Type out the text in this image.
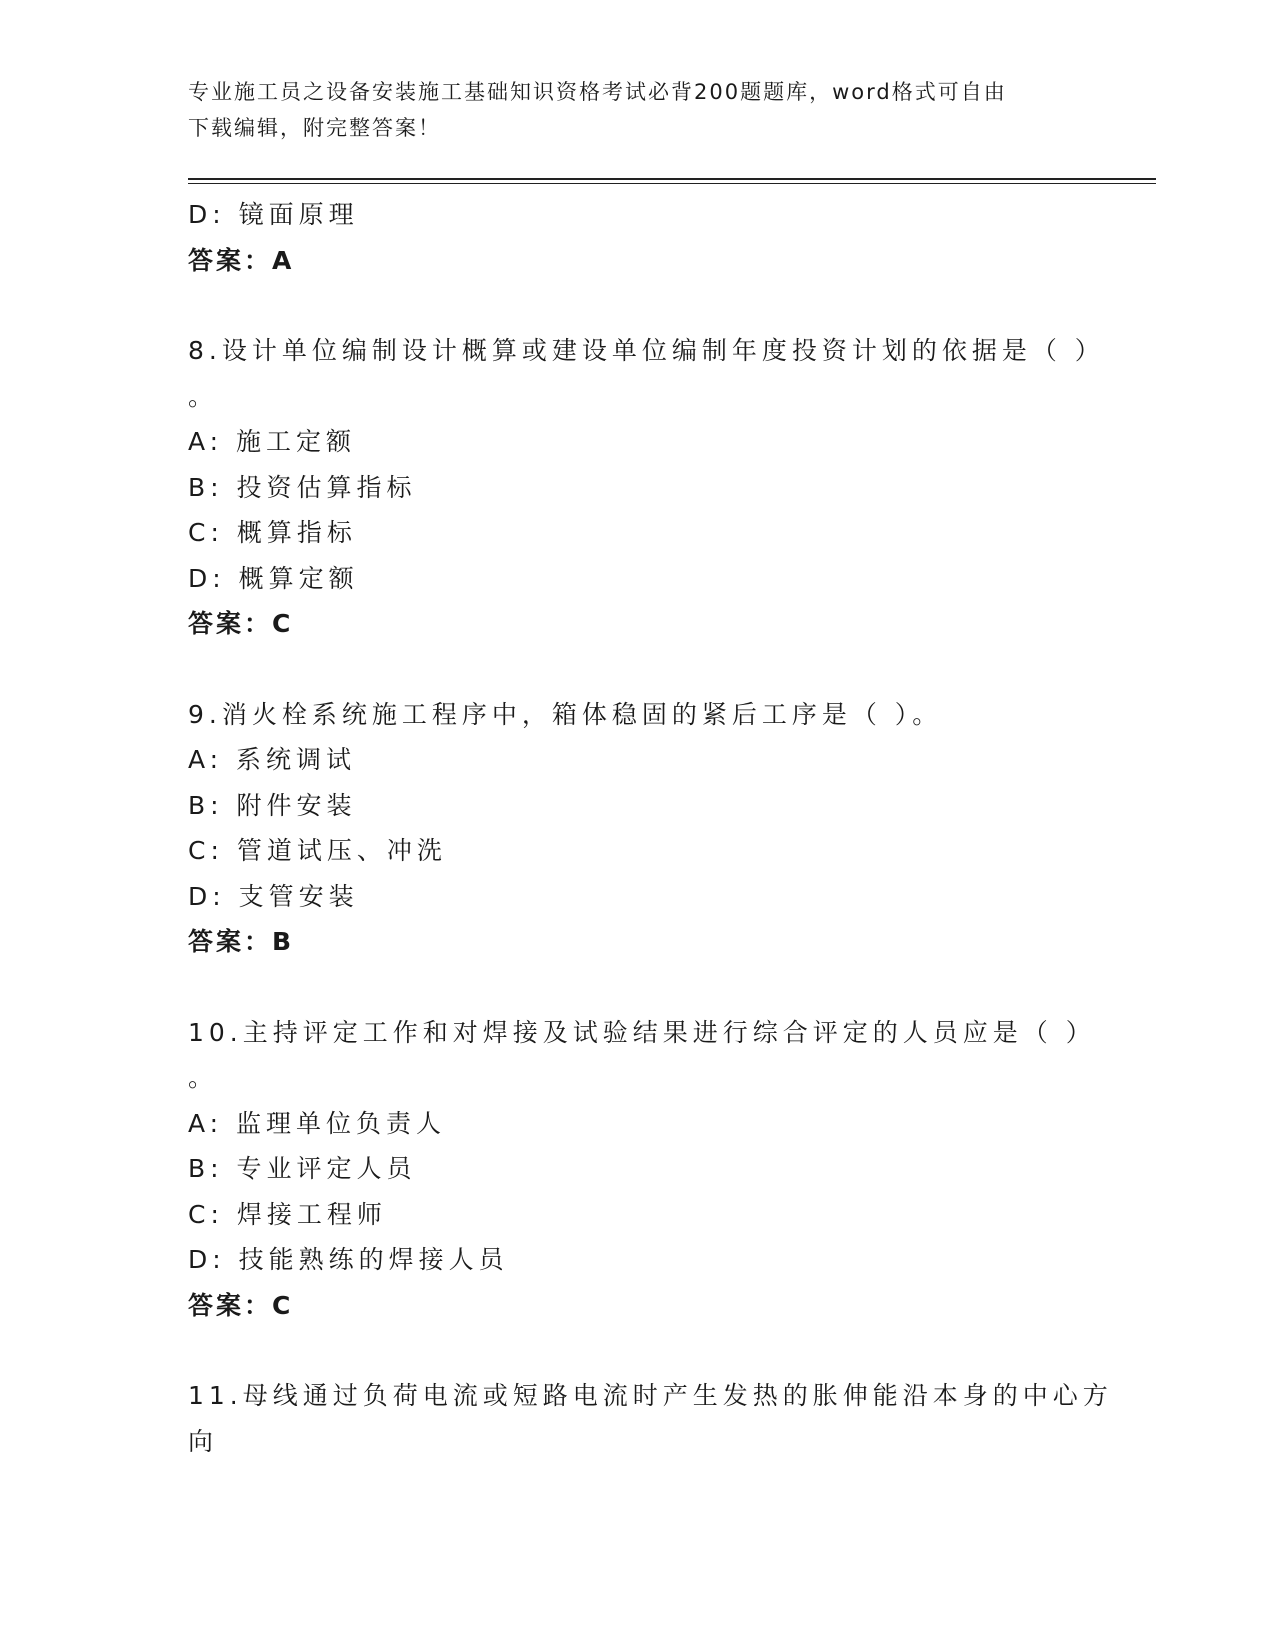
专业施工员之设备安装施工基础知识资格考试必背200题题库，word格式可自由
下载编辑，附完整答案！
D: 镜面原理
答案：A
8.设计单位编制设计概算或建设单位编制年度投资计划的依据是（ ）
。
A: 施工定额
B: 投资估算指标
C: 概算指标
D: 概算定额
答案：C
9.消火栓系统施工程序中，箱体稳固的紧后工序是（ ）。
A: 系统调试
B: 附件安装
C: 管道试压、冲洗
D: 支管安装
答案：B
10.主持评定工作和对焊接及试验结果进行综合评定的人员应是（ ）
。
A: 监理单位负责人
B: 专业评定人员
C: 焊接工程师
D: 技能熟练的焊接人员
答案：C
11.母线通过负荷电流或短路电流时产生发热的胀伸能沿本身的中心方
向
